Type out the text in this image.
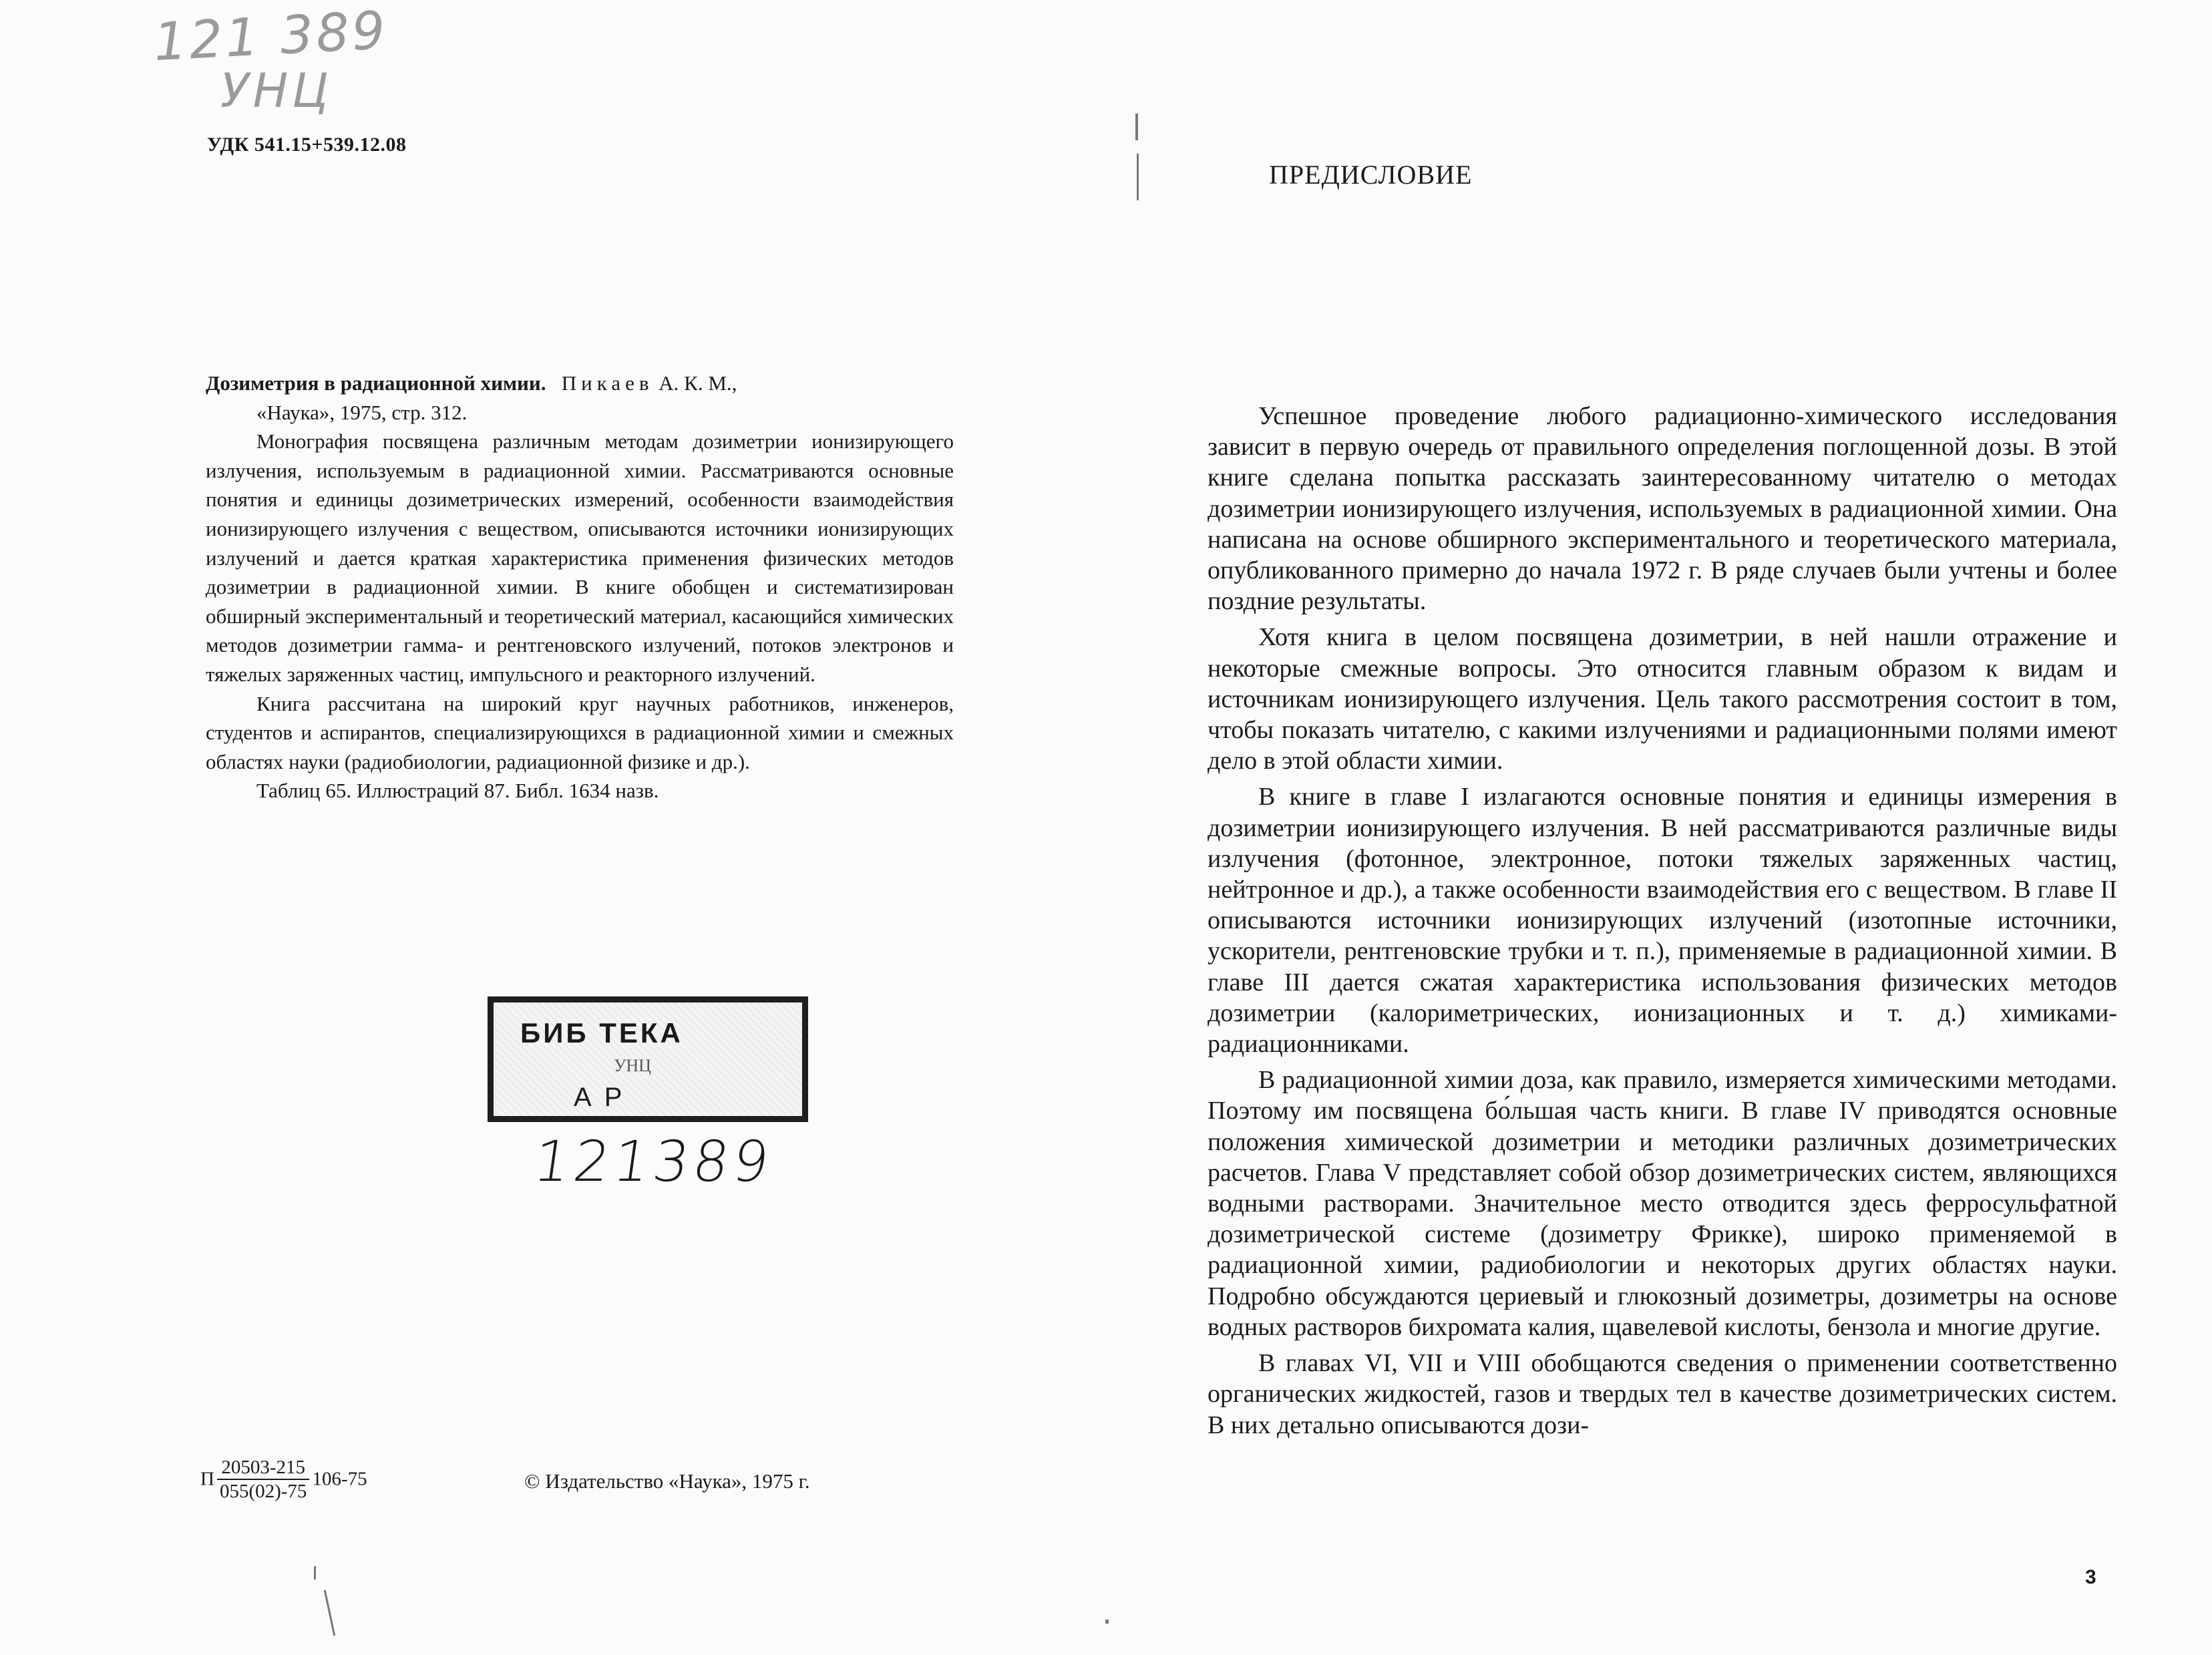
121 389
УНЦ
УДК 541.15+539.12.08

Дозиметрия в радиационной химии. Пикаев А. К. М.,

«Наука», 1975, стр. 312.

Монография посвящена различным методам дозиметрии ионизирующего излучения, используемым в радиационной химии. Рассматриваются основные понятия и единицы дозиметрических измерений, особенности взаимодействия ионизирующего излучения с веществом, описываются источники ионизирующих излучений и дается краткая характеристика применения физических методов дозиметрии в радиационной химии. В книге обобщен и систематизирован обширный экспериментальный и теоретический материал, касающийся химических методов дозиметрии гамма- и рентгеновского излучений, потоков электронов и тяжелых заряженных частиц, импульсного и реакторного излучений.

Книга рассчитана на широкий круг научных работников, инженеров, студентов и аспирантов, специализирующихся в радиационной химии и смежных областях науки (радиобиологии, радиационной физике и др.).

Таблиц 65. Иллюстраций 87. Библ. 1634 назв.

БИБ ТЕКА
УНЦ
А Р
121389
П $\frac{20503-215}{055(02)-75} 106-75$	© Издательство «Наука», 1975 г.
ПРЕДИСЛОВИЕ

Успешное проведение любого радиационно-химического исследования зависит в первую очередь от правильного определения поглощенной дозы. В этой книге сделана попытка рассказать заинтересованному читателю о методах дозиметрии ионизирующего излучения, используемых в радиационной химии. Она написана на основе обширного экспериментального и теоретического материала, опубликованного примерно до начала 1972 г. В ряде случаев были учтены и более поздние результаты.

Хотя книга в целом посвящена дозиметрии, в ней нашли отражение и некоторые смежные вопросы. Это относится главным образом к видам и источникам ионизирующего излучения. Цель такого рассмотрения состоит в том, чтобы показать читателю, с какими излучениями и радиационными полями имеют дело в этой области химии.

В книге в главе I излагаются основные понятия и единицы измерения в дозиметрии ионизирующего излучения. В ней рассматриваются различные виды излучения (фотонное, электронное, потоки тяжелых заряженных частиц, нейтронное и др.), а также особенности взаимодействия его с веществом. В главе II описываются источники ионизирующих излучений (изотопные источники, ускорители, рентгеновские трубки и т. п.), применяемые в радиационной химии. В главе III дается сжатая характеристика использования физических методов дозиметрии (калориметрических, ионизационных и т. д.) химиками-радиационниками.

В радиационной химии доза, как правило, измеряется химическими методами. Поэтому им посвящена бо́льшая часть книги. В главе IV приводятся основные положения химической дозиметрии и методики различных дозиметрических расчетов. Глава V представляет собой обзор дозиметрических систем, являющихся водными растворами. Значительное место отводится здесь ферросульфатной дозиметрической системе (дозиметру Фрикке), широко применяемой в радиационной химии, радиобиологии и некоторых других областях науки. Подробно обсуждаются цериевый и глюкозный дозиметры, дозиметры на основе водных растворов бихромата калия, щавелевой кислоты, бензола и многие другие.

В главах VI, VII и VIII обобщаются сведения о применении соответственно органических жидкостей, газов и твердых тел в качестве дозиметрических систем. В них детально описываются дози-

3
